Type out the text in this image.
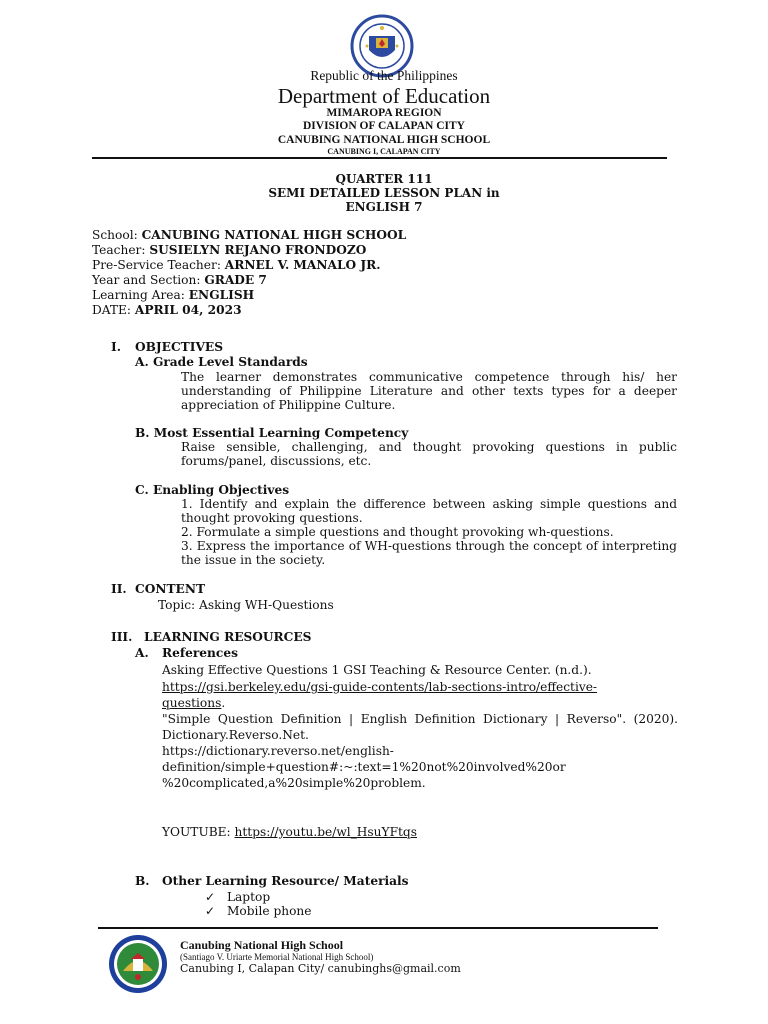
Republic of the Philippines
Department of Education
MIMAROPA REGION
DIVISION OF CALAPAN CITY
CANUBING NATIONAL HIGH SCHOOL
CANUBING I, CALAPAN CITY
QUARTER 111
SEMI DETAILED LESSON PLAN in
ENGLISH 7
School: CANUBING NATIONAL HIGH SCHOOL
Teacher: SUSIELYN REJANO FRONDOZO
Pre-Service Teacher: ARNEL V. MANALO JR.
Year and Section: GRADE 7
Learning Area: ENGLISH
DATE: APRIL 04, 2023
I. OBJECTIVES
A. Grade Level Standards
The learner demonstrates communicative competence through his/ her understanding of Philippine Literature and other texts types for a deeper appreciation of Philippine Culture.
B. Most Essential Learning Competency
Raise sensible, challenging, and thought provoking questions in public forums/panel, discussions, etc.
C. Enabling Objectives
1. Identify and explain the difference between asking simple questions and thought provoking questions.
2. Formulate a simple questions and thought provoking wh-questions.
3. Express the importance of WH-questions through the concept of interpreting the issue in the society.
II. CONTENT
Topic: Asking WH-Questions
III. LEARNING RESOURCES
A. References
Asking Effective Questions 1 GSI Teaching & Resource Center. (n.d.).
https://gsi.berkeley.edu/gsi-guide-contents/lab-sections-intro/effective-
questions.
"Simple Question Definition | English Definition Dictionary | Reverso". (2020). Dictionary.Reverso.Net.
https://dictionary.reverso.net/english-
definition/simple+question#:~:text=1%20not%20involved%20or
%20complicated,a%20simple%20problem.
YOUTUBE: https://youtu.be/wl_HsuYFtqs
B. Other Learning Resource/ Materials
✓ Laptop
✓ Mobile phone
Canubing National High School
(Santiago V. Uriarte Memorial National High School)
Canubing I, Calapan City/ canubinghs@gmail.com
